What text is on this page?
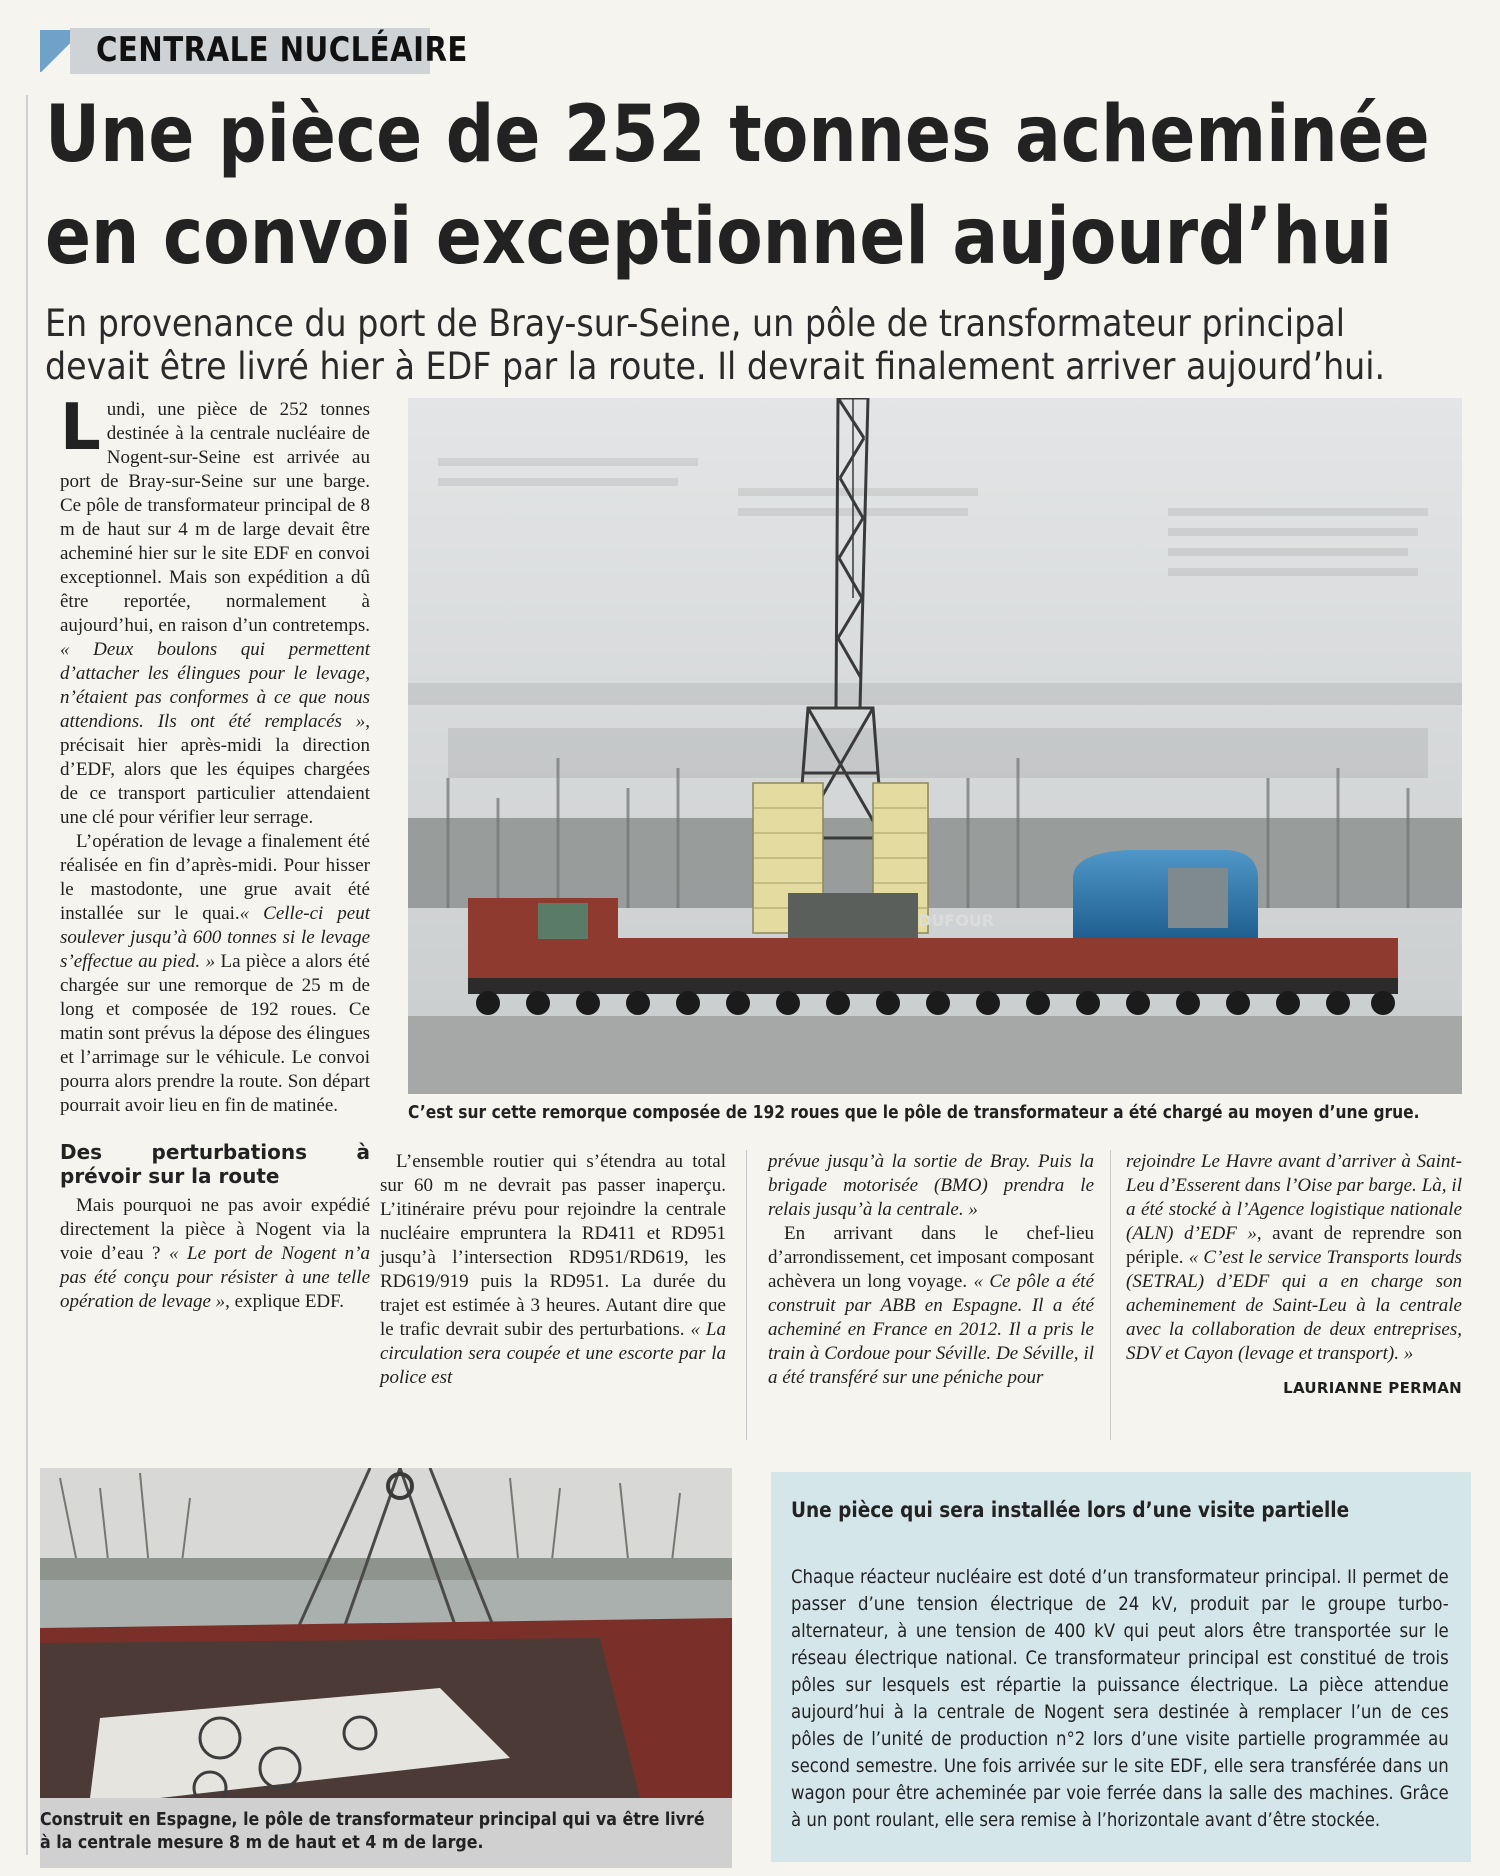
CENTRALE NUCLÉAIRE
Une pièce de 252 tonnes acheminée
en convoi exceptionnel aujourd’hui
En provenance du port de Bray-sur-Seine, un pôle de transformateur principal
devait être livré hier à EDF par la route. Il devrait finalement arriver aujourd’hui.

Lundi, une pièce de 252 tonnes destinée à la centrale nucléaire de Nogent-sur-Seine est arrivée au port de Bray-sur-Seine sur une barge. Ce pôle de transformateur principal de 8 m de haut sur 4 m de large devait être acheminé hier sur le site EDF en convoi exceptionnel. Mais son expédition a dû être reportée, normalement à aujourd’hui, en raison d’un contretemps. « Deux boulons qui permettent d’attacher les élingues pour le levage, n’étaient pas conformes à ce que nous attendions. Ils ont été remplacés », précisait hier après-midi la direction d’EDF, alors que les équipes chargées de ce transport particulier attendaient une clé pour vérifier leur serrage.

L’opération de levage a finalement été réalisée en fin d’après-midi. Pour hisser le mastodonte, une grue avait été installée sur le quai.« Celle-ci peut soulever jusqu’à 600 tonnes si le levage s’effectue au pied. » La pièce a alors été chargée sur une remorque de 25 m de long et composée de 192 roues. Ce matin sont prévus la dépose des élingues et l’arrimage sur le véhicule. Le convoi pourra alors prendre la route. Son départ pourrait avoir lieu en fin de matinée.

Des perturbations à prévoir sur la route

Mais pourquoi ne pas avoir expédié directement la pièce à Nogent via la voie d’eau ? « Le port de Nogent n’a pas été conçu pour résister à une telle opération de levage », explique EDF.

DUFOUR
C’est sur cette remorque composée de 192 roues que le pôle de transformateur a été chargé au moyen d’une grue.

L’ensemble routier qui s’étendra au total sur 60 m ne devrait pas passer inaperçu. L’itinéraire prévu pour rejoindre la centrale nucléaire empruntera la RD411 et RD951 jusqu’à l’intersection RD951/RD619, les RD619/919 puis la RD951. La durée du trajet est estimée à 3 heures. Autant dire que le trafic devrait subir des perturbations. « La circulation sera coupée et une escorte par la police est

prévue jusqu’à la sortie de Bray. Puis la brigade motorisée (BMO) prendra le relais jusqu’à la centrale. »

En arrivant dans le chef-lieu d’arrondissement, cet imposant composant achèvera un long voyage. « Ce pôle a été construit par ABB en Espagne. Il a été acheminé en France en 2012. Il a pris le train à Cordoue pour Séville. De Séville, il a été transféré sur une péniche pour

rejoindre Le Havre avant d’arriver à Saint-Leu d’Esserent dans l’Oise par barge. Là, il a été stocké à l’Agence logistique nationale (ALN) d’EDF », avant de reprendre son périple. « C’est le service Transports lourds (SETRAL) d’EDF qui a en charge son acheminement de Saint-Leu à la centrale avec la collaboration de deux entreprises, SDV et Cayon (levage et transport). »

LAURIANNE PERMAN
Construit en Espagne, le pôle de transformateur principal qui va être livré
à la centrale mesure 8 m de haut et 4 m de large.
Une pièce qui sera installée lors d’une visite partielle
Chaque réacteur nucléaire est doté d’un transformateur principal. Il permet de passer d’une tension électrique de 24 kV, produit par le groupe turbo-alternateur, à une tension de 400 kV qui peut alors être transportée sur le réseau électrique national. Ce transformateur principal est constitué de trois pôles sur lesquels est répartie la puissance électrique. La pièce attendue aujourd’hui à la centrale de Nogent sera destinée à remplacer l’un de ces pôles de l’unité de production n°2 lors d’une visite partielle programmée au second semestre. Une fois arrivée sur le site EDF, elle sera transférée dans un wagon pour être acheminée par voie ferrée dans la salle des machines. Grâce à un pont roulant, elle sera remise à l’horizontale avant d’être stockée.
